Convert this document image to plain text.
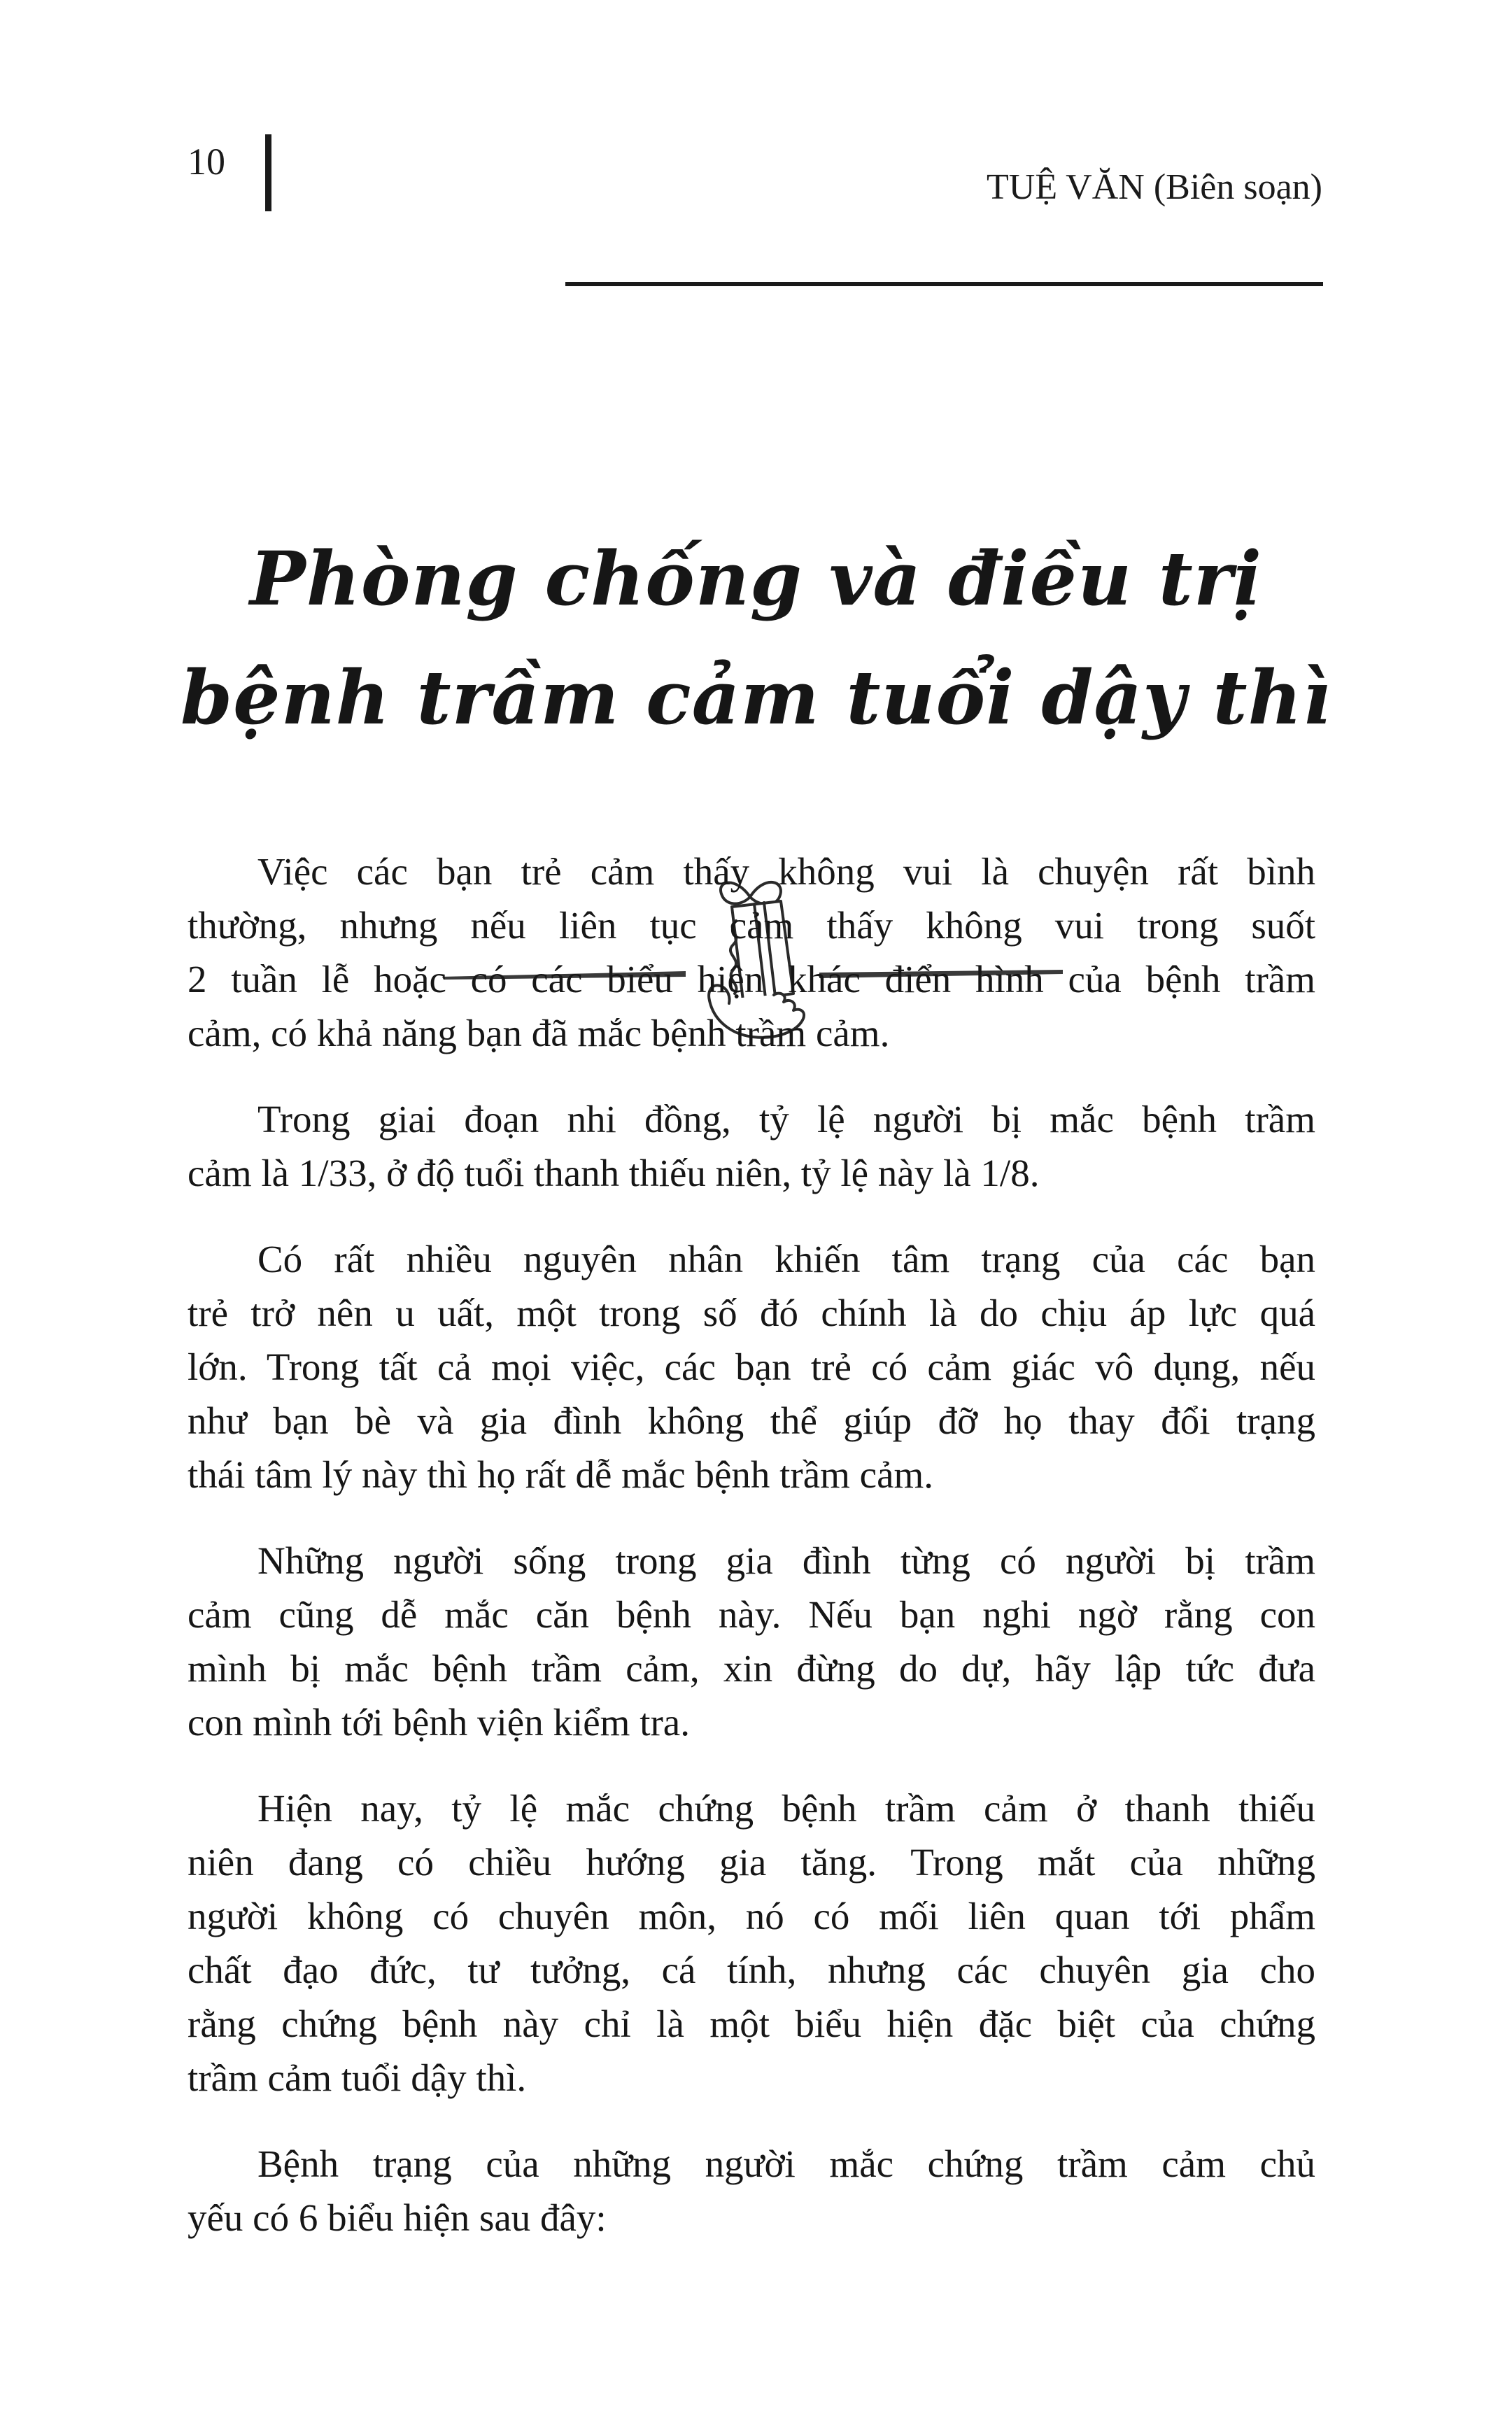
10
TUỆ VĂN (Biên soạn)
Phòng chống và điều trị
bệnh trầm cảm tuổi dậy thì

Việc các bạn trẻ cảm thấy không vui là chuyện rất bình
thường, nhưng nếu liên tục cảm thấy không vui trong suốt
2 tuần lễ hoặc có các biểu hiện khác điển hình của bệnh trầm
cảm, có khả năng bạn đã mắc bệnh trầm cảm.

Trong giai đoạn nhi đồng, tỷ lệ người bị mắc bệnh trầm
cảm là 1/33, ở độ tuổi thanh thiếu niên, tỷ lệ này là 1/8.

Có rất nhiều nguyên nhân khiến tâm trạng của các bạn
trẻ trở nên u uất, một trong số đó chính là do chịu áp lực quá
lớn. Trong tất cả mọi việc, các bạn trẻ có cảm giác vô dụng, nếu
như bạn bè và gia đình không thể giúp đỡ họ thay đổi trạng
thái tâm lý này thì họ rất dễ mắc bệnh trầm cảm.

Những người sống trong gia đình từng có người bị trầm
cảm cũng dễ mắc căn bệnh này. Nếu bạn nghi ngờ rằng con
mình bị mắc bệnh trầm cảm, xin đừng do dự, hãy lập tức đưa
con mình tới bệnh viện kiểm tra.

Hiện nay, tỷ lệ mắc chứng bệnh trầm cảm ở thanh thiếu
niên đang có chiều hướng gia tăng. Trong mắt của những
người không có chuyên môn, nó có mối liên quan tới phẩm
chất đạo đức, tư tưởng, cá tính, nhưng các chuyên gia cho
rằng chứng bệnh này chỉ là một biểu hiện đặc biệt của chứng
trầm cảm tuổi dậy thì.

Bệnh trạng của những người mắc chứng trầm cảm chủ
yếu có 6 biểu hiện sau đây:
